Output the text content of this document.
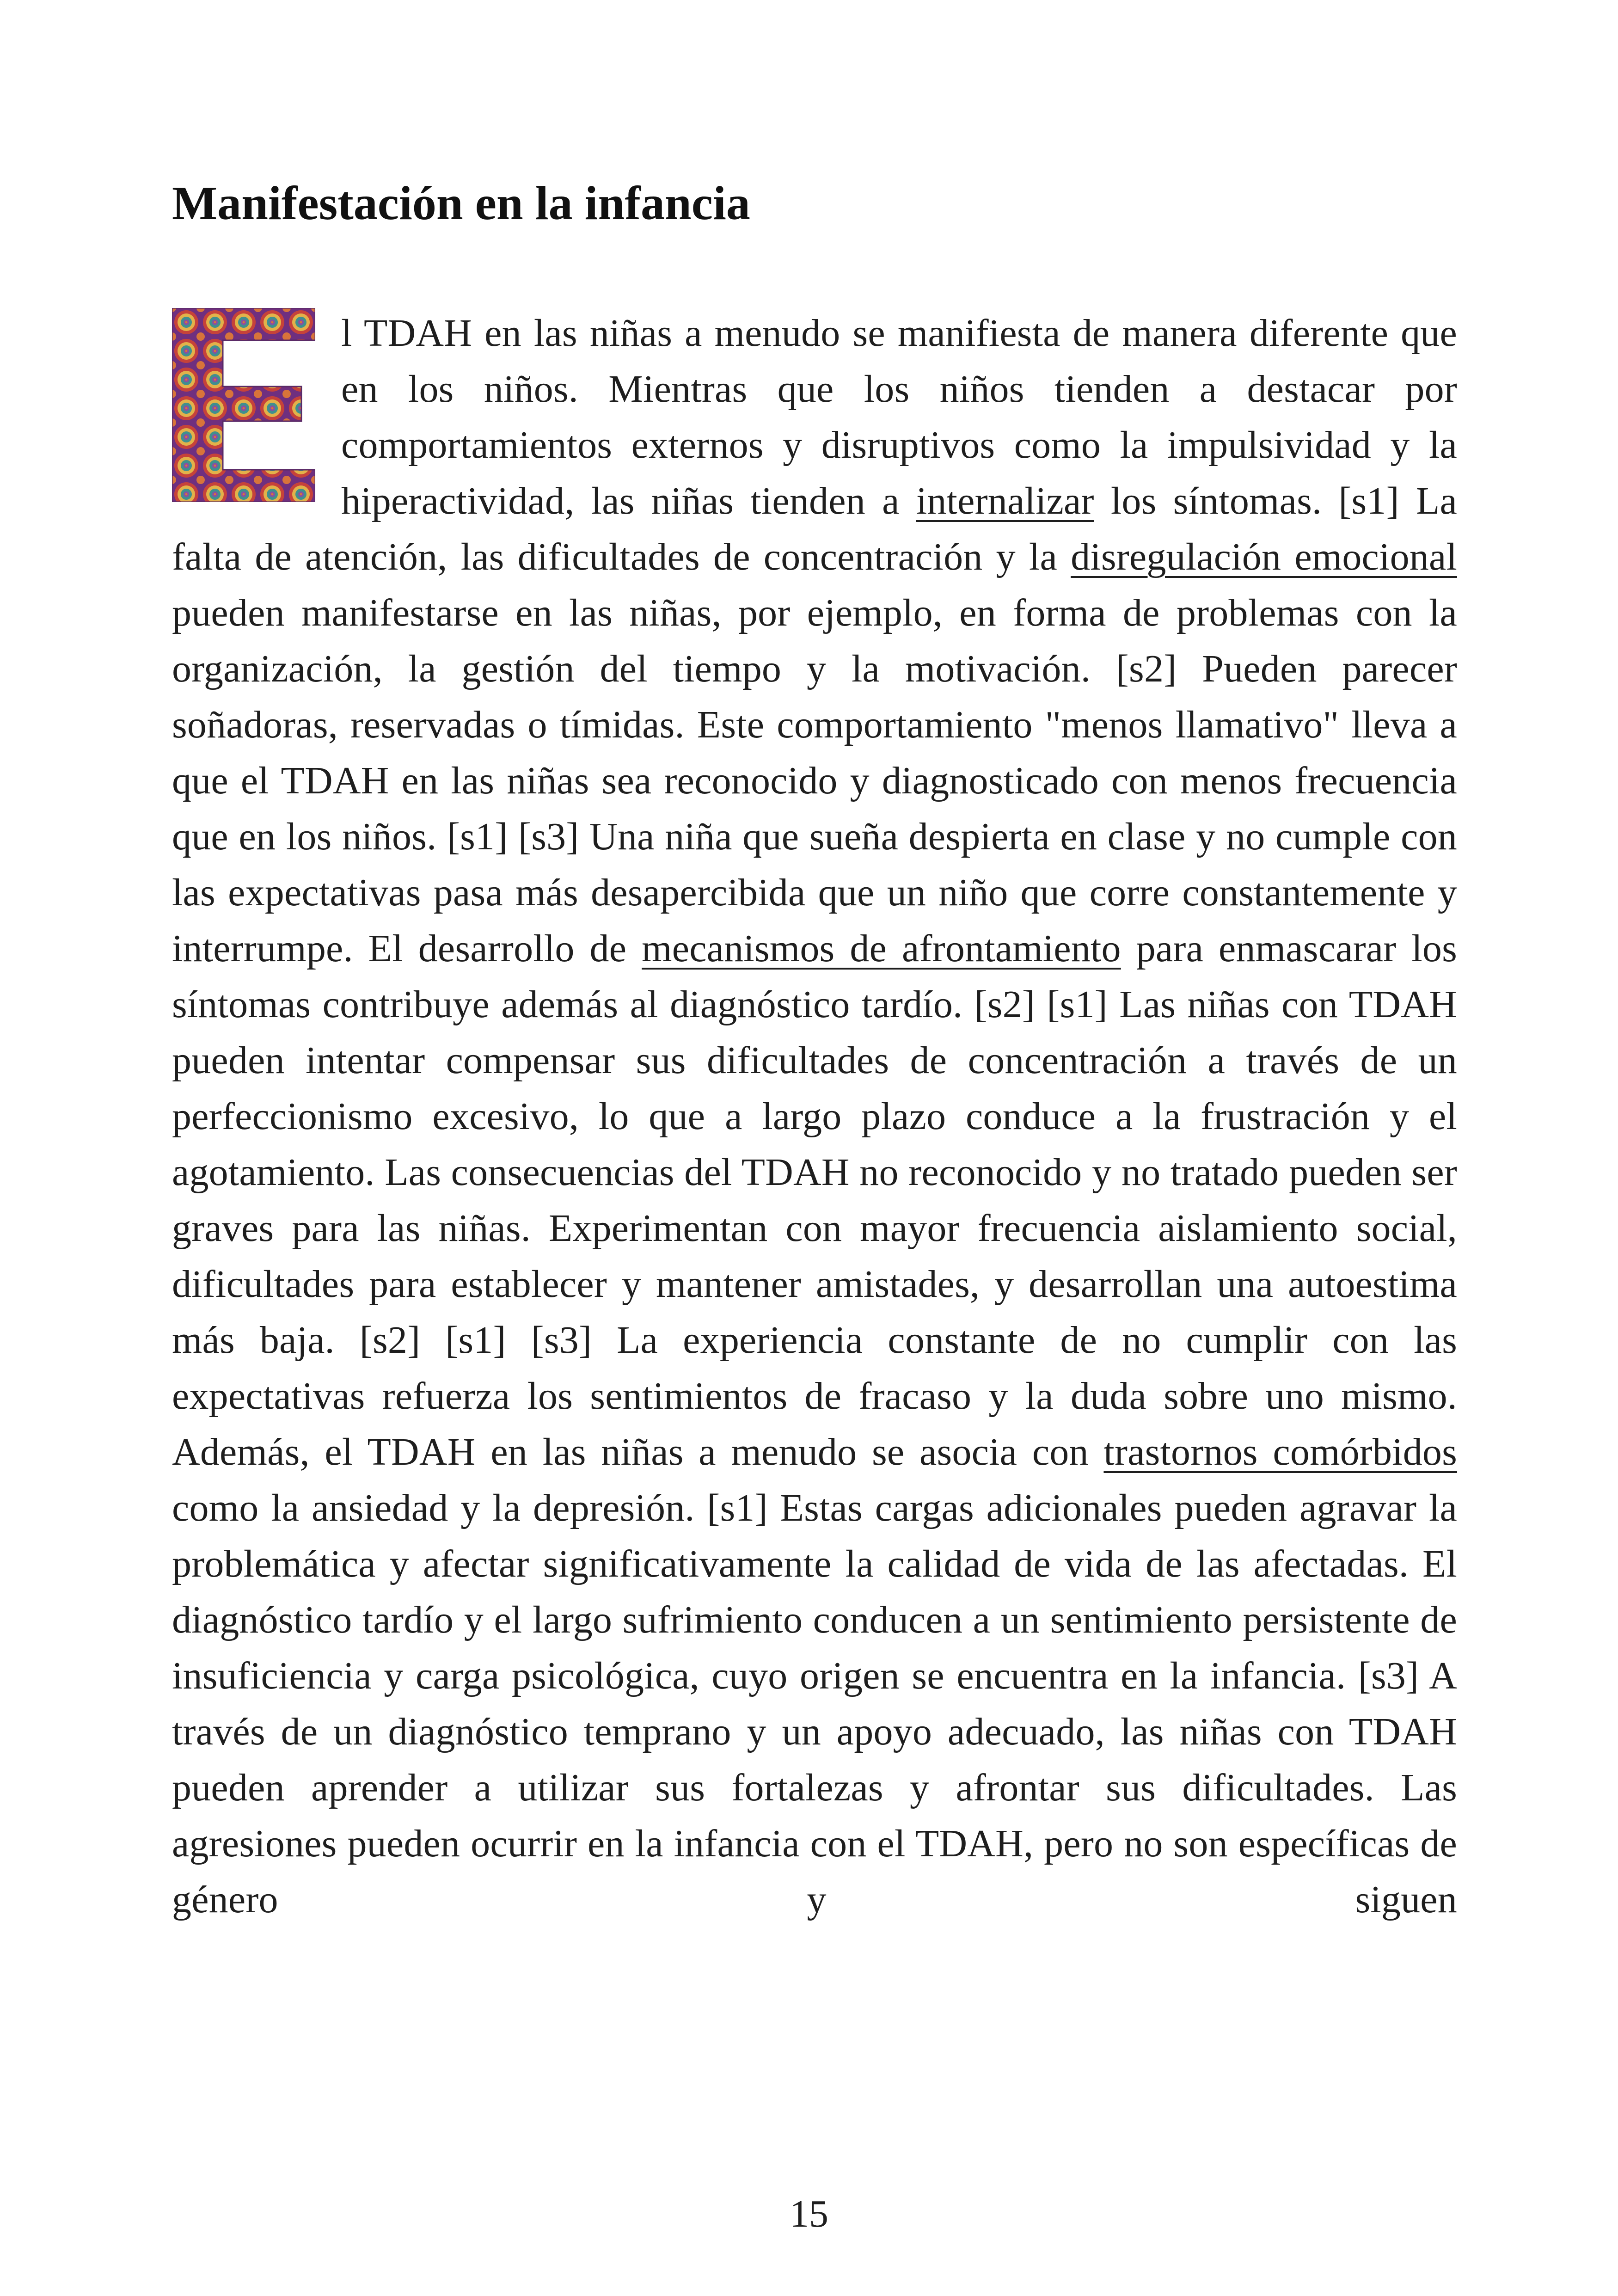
Manifestación en la infancia

l TDAH en las niñas a menudo se manifiesta de manera diferente que en los niños. Mientras que los niños tienden a destacar por comportamientos externos y disruptivos como la impulsividad y la hiperactividad, las niñas tienden a internalizar los síntomas. [s1] La falta de atención, las dificultades de concentración y la disregulación emocional pueden manifestarse en las niñas, por ejemplo, en forma de problemas con la organización, la gestión del tiempo y la motivación. [s2] Pueden parecer soñadoras, reservadas o tímidas. Este comportamiento "menos llamativo" lleva a que el TDAH en las niñas sea reconocido y diagnosticado con menos frecuencia que en los niños. [s1] [s3] Una niña que sueña despierta en clase y no cumple con las expectativas pasa más desapercibida que un niño que corre constantemente y interrumpe. El desarrollo de mecanismos de afrontamiento para enmascarar los síntomas contribuye además al diagnóstico tardío. [s2] [s1] Las niñas con TDAH pueden intentar compensar sus dificultades de concentración a través de un perfeccionismo excesivo, lo que a largo plazo conduce a la frustración y el agotamiento. Las consecuencias del TDAH no reconocido y no tratado pueden ser graves para las niñas. Experimentan con mayor frecuencia aislamiento social, dificultades para establecer y mantener amistades, y desarrollan una autoestima más baja. [s2] [s1] [s3] La experiencia constante de no cumplir con las expectativas refuerza los sentimientos de fracaso y la duda sobre uno mismo. Además, el TDAH en las niñas a menudo se asocia con trastornos comórbidos como la ansiedad y la depresión. [s1] Estas cargas adicionales pueden agravar la problemática y afectar significativamente la calidad de vida de las afectadas. El diagnóstico tardío y el largo sufrimiento conducen a un sentimiento persistente de insuficiencia y carga psicológica, cuyo origen se encuentra en la infancia. [s3] A través de un diagnóstico temprano y un apoyo adecuado, las niñas con TDAH pueden aprender a utilizar sus fortalezas y afrontar sus dificultades. Las agresiones pueden ocurrir en la infancia con el TDAH, pero no son específicas de género y siguen

15
